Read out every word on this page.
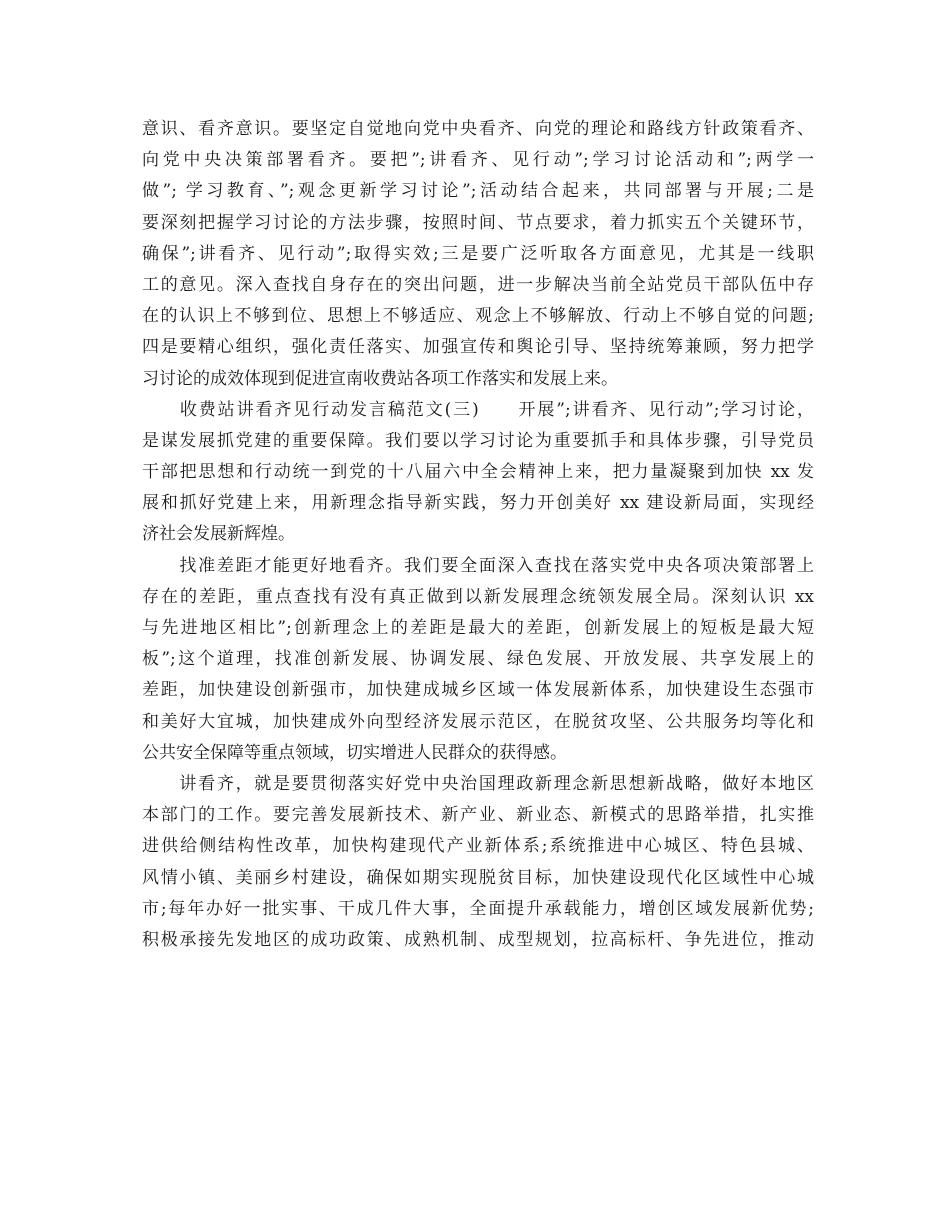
意识、看齐意识。要坚定自觉地向党中央看齐、向党的理论和路线方针政策看齐、
向党中央决策部署看齐。要把”;讲看齐、见行动”;学习讨论活动和”;两学一
做”; 学习教育、”;观念更新学习讨论”;活动结合起来，共同部署与开展;二是
要深刻把握学习讨论的方法步骤，按照时间、节点要求，着力抓实五个关键环节，
确保”;讲看齐、见行动”;取得实效;三是要广泛听取各方面意见，尤其是一线职
工的意见。深入查找自身存在的突出问题，进一步解决当前全站党员干部队伍中存
在的认识上不够到位、思想上不够适应、观念上不够解放、行动上不够自觉的问题;
四是要精心组织，强化责任落实、加强宣传和舆论引导、坚持统筹兼顾，努力把学
习讨论的成效体现到促进宣南收费站各项工作落实和发展上来。
　　收费站讲看齐见行动发言稿范文(三)　　开展”;讲看齐、见行动”;学习讨论，
是谋发展抓党建的重要保障。我们要以学习讨论为重要抓手和具体步骤，引导党员
干部把思想和行动统一到党的十八届六中全会精神上来，把力量凝聚到加快 xx 发
展和抓好党建上来，用新理念指导新实践，努力开创美好 xx 建设新局面，实现经
济社会发展新辉煌。
　　找准差距才能更好地看齐。我们要全面深入查找在落实党中央各项决策部署上
存在的差距，重点查找有没有真正做到以新发展理念统领发展全局。深刻认识 xx
与先进地区相比”;创新理念上的差距是最大的差距，创新发展上的短板是最大短
板”;这个道理，找准创新发展、协调发展、绿色发展、开放发展、共享发展上的
差距，加快建设创新强市，加快建成城乡区域一体发展新体系，加快建设生态强市
和美好大宜城，加快建成外向型经济发展示范区，在脱贫攻坚、公共服务均等化和
公共安全保障等重点领域，切实增进人民群众的获得感。
　　讲看齐，就是要贯彻落实好党中央治国理政新理念新思想新战略，做好本地区
本部门的工作。要完善发展新技术、新产业、新业态、新模式的思路举措，扎实推
进供给侧结构性改革，加快构建现代产业新体系;系统推进中心城区、特色县城、
风情小镇、美丽乡村建设，确保如期实现脱贫目标，加快建设现代化区域性中心城
市;每年办好一批实事、干成几件大事，全面提升承载能力，增创区域发展新优势;
积极承接先发地区的成功政策、成熟机制、成型规划，拉高标杆、争先进位，推动
